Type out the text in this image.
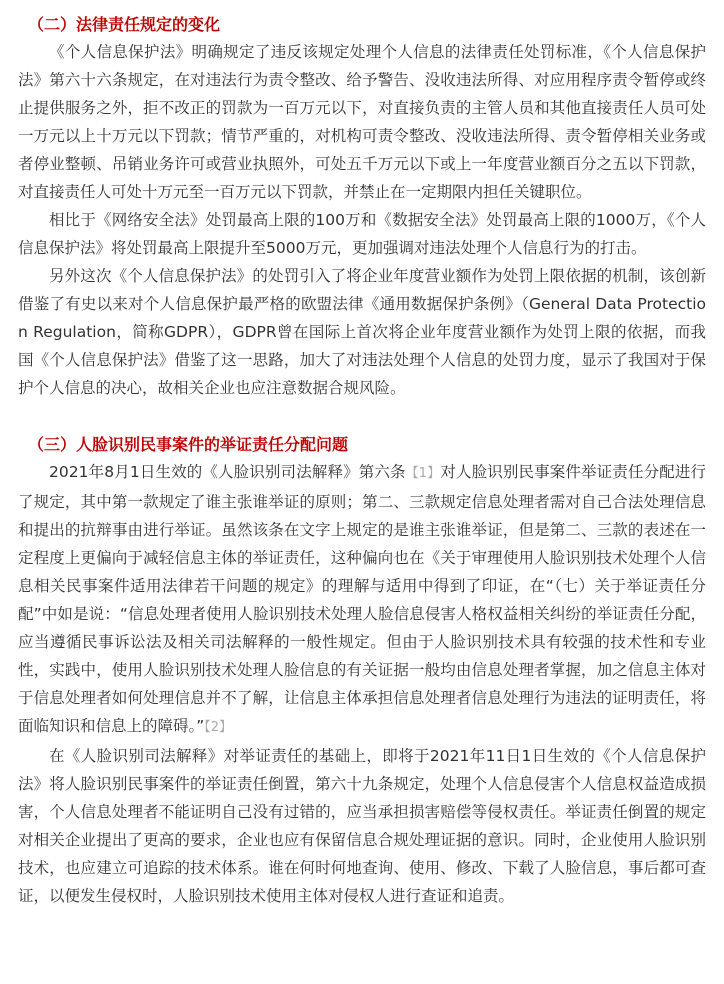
（二）法律责任规定的变化

《个人信息保护法》明确规定了违反该规定处理个人信息的法律责任处罚标准，《个人信息保护法》第六十六条规定，在对违法行为责令整改、给予警告、没收违法所得、对应用程序责令暂停或终止提供服务之外，拒不改正的罚款为一百万元以下，对直接负责的主管人员和其他直接责任人员可处一万元以上十万元以下罚款；情节严重的，对机构可责令整改、没收违法所得、责令暂停相关业务或者停业整顿、吊销业务许可或营业执照外，可处五千万元以下或上一年度营业额百分之五以下罚款，对直接责任人可处十万元至一百万元以下罚款，并禁止在一定期限内担任关键职位。

相比于《网络安全法》处罚最高上限的100万和《数据安全法》处罚最高上限的1000万，《个人信息保护法》将处罚最高上限提升至5000万元，更加强调对违法处理个人信息行为的打击。

另外这次《个人信息保护法》的处罚引入了将企业年度营业额作为处罚上限依据的机制，该创新借鉴了有史以来对个人信息保护最严格的欧盟法律《通用数据保护条例》（General Data Protection Regulation，简称GDPR），GDPR曾在国际上首次将企业年度营业额作为处罚上限的依据，而我国《个人信息保护法》借鉴了这一思路，加大了对违法处理个人信息的处罚力度，显示了我国对于保护个人信息的决心，故相关企业也应注意数据合规风险。

（三）人脸识别民事案件的举证责任分配问题

2021年8月1日生效的《人脸识别司法解释》第六条【1】对人脸识别民事案件举证责任分配进行了规定，其中第一款规定了谁主张谁举证的原则；第二、三款规定信息处理者需对自己合法处理信息和提出的抗辩事由进行举证。虽然该条在文字上规定的是谁主张谁举证，但是第二、三款的表述在一定程度上更偏向于减轻信息主体的举证责任，这种偏向也在《关于审理使用人脸识别技术处理个人信息相关民事案件适用法律若干问题的规定》的理解与适用中得到了印证，在“（七）关于举证责任分配”中如是说：“信息处理者使用人脸识别技术处理人脸信息侵害人格权益相关纠纷的举证责任分配，应当遵循民事诉讼法及相关司法解释的一般性规定。但由于人脸识别技术具有较强的技术性和专业性，实践中，使用人脸识别技术处理人脸信息的有关证据一般均由信息处理者掌握，加之信息主体对于信息处理者如何处理信息并不了解，让信息主体承担信息处理者信息处理行为违法的证明责任，将面临知识和信息上的障碍。”【2】

在《人脸识别司法解释》对举证责任的基础上，即将于2021年11日1日生效的《个人信息保护法》将人脸识别民事案件的举证责任倒置，第六十九条规定，处理个人信息侵害个人信息权益造成损害，个人信息处理者不能证明自己没有过错的，应当承担损害赔偿等侵权责任。举证责任倒置的规定对相关企业提出了更高的要求，企业也应有保留信息合规处理证据的意识。同时，企业使用人脸识别技术，也应建立可追踪的技术体系。谁在何时何地查询、使用、修改、下载了人脸信息，事后都可查证，以便发生侵权时，人脸识别技术使用主体对侵权人进行查证和追责。
